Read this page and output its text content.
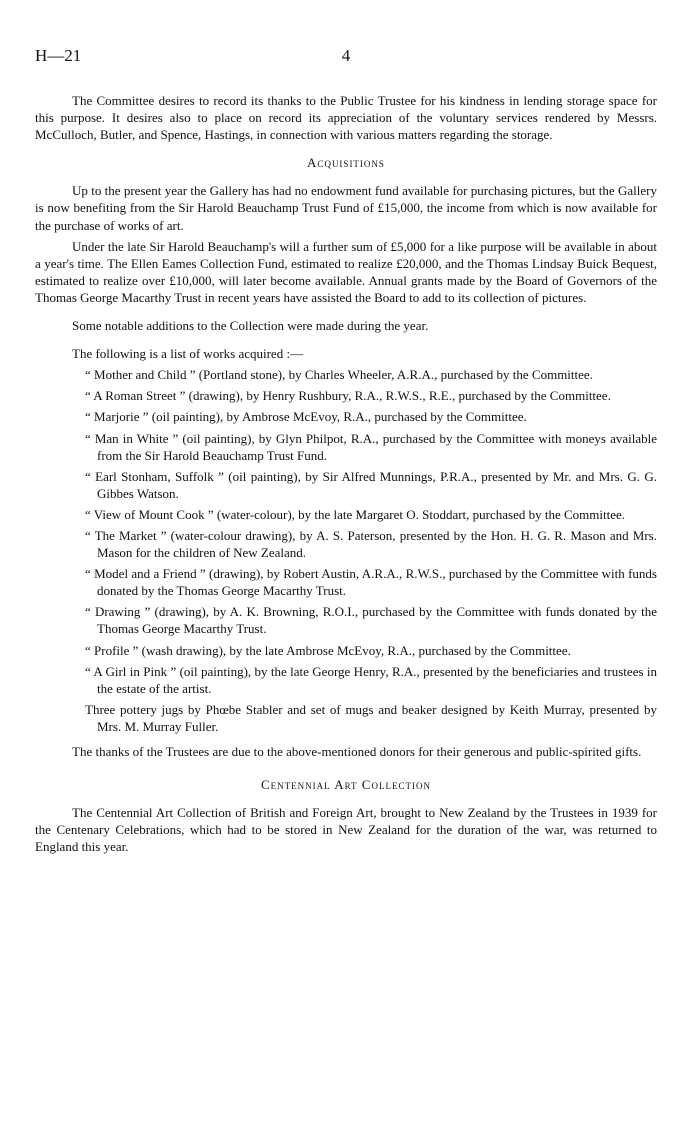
H—21	4

The Committee desires to record its thanks to the Public Trustee for his kindness in lending storage space for this purpose. It desires also to place on record its appreciation of the voluntary services rendered by Messrs. McCulloch, Butler, and Spence, Hastings, in connection with various matters regarding the storage.

Acquisitions

Up to the present year the Gallery has had no endowment fund available for purchasing pictures, but the Gallery is now benefiting from the Sir Harold Beauchamp Trust Fund of £15,000, the income from which is now available for the purchase of works of art.

Under the late Sir Harold Beauchamp's will a further sum of £5,000 for a like purpose will be available in about a year's time. The Ellen Eames Collection Fund, estimated to realize £20,000, and the Thomas Lindsay Buick Bequest, estimated to realize over £10,000, will later become available. Annual grants made by the Board of Governors of the Thomas George Macarthy Trust in recent years have assisted the Board to add to its collection of pictures.

Some notable additions to the Collection were made during the year.

The following is a list of works acquired :—

“ Mother and Child ” (Portland stone), by Charles Wheeler, A.R.A., purchased by the Committee.
“ A Roman Street ” (drawing), by Henry Rushbury, R.A., R.W.S., R.E., purchased by the Committee.
“ Marjorie ” (oil painting), by Ambrose McEvoy, R.A., purchased by the Committee.
“ Man in White ” (oil painting), by Glyn Philpot, R.A., purchased by the Committee with moneys available from the Sir Harold Beauchamp Trust Fund.
“ Earl Stonham, Suffolk ” (oil painting), by Sir Alfred Munnings, P.R.A., presented by Mr. and Mrs. G. G. Gibbes Watson.
“ View of Mount Cook ” (water-colour), by the late Margaret O. Stoddart, purchased by the Committee.
“ The Market ” (water-colour drawing), by A. S. Paterson, presented by the Hon. H. G. R. Mason and Mrs. Mason for the children of New Zealand.
“ Model and a Friend ” (drawing), by Robert Austin, A.R.A., R.W.S., purchased by the Committee with funds donated by the Thomas George Macarthy Trust.
“ Drawing ” (drawing), by A. K. Browning, R.O.I., purchased by the Committee with funds donated by the Thomas George Macarthy Trust.
“ Profile ” (wash drawing), by the late Ambrose McEvoy, R.A., purchased by the Committee.
“ A Girl in Pink ” (oil painting), by the late George Henry, R.A., presented by the beneficiaries and trustees in the estate of the artist.
Three pottery jugs by Phœbe Stabler and set of mugs and beaker designed by Keith Murray, presented by Mrs. M. Murray Fuller.

The thanks of the Trustees are due to the above-mentioned donors for their generous and public-spirited gifts.

Centennial Art Collection

The Centennial Art Collection of British and Foreign Art, brought to New Zealand by the Trustees in 1939 for the Centenary Celebrations, which had to be stored in New Zealand for the duration of the war, was returned to England this year.
